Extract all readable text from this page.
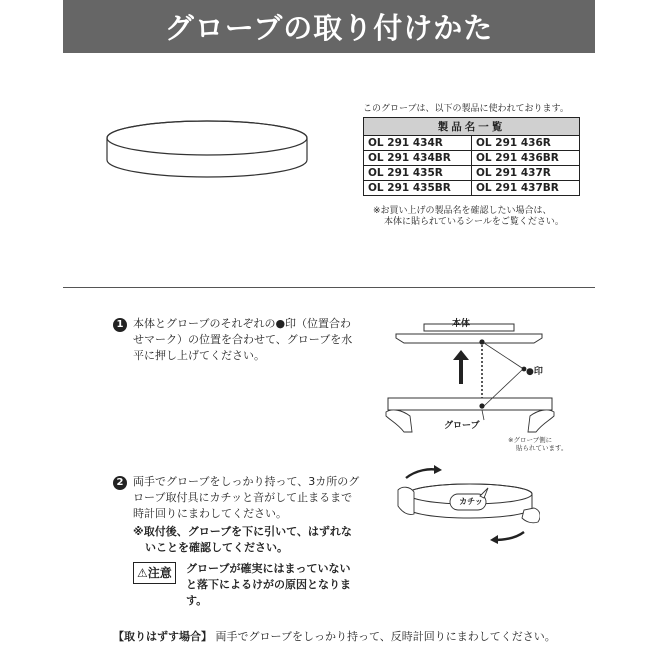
グローブの取り付けかた
このグローブは、以下の製品に使われております。
製品名一覧	
OL 291 434R	OL 291 436R
OL 291 434BR	OL 291 436BR
OL 291 435R	OL 291 437R
OL 291 435BR	OL 291 437BR
※お買い上げの製品名を確認したい場合は、
本体に貼られているシールをご覧ください。
1 本体とグローブのそれぞれの●印（位置合わ
せマーク）の位置を合わせて、グローブを水
平に押し上げてください。
本体
●印
グローブ
※グローブ側に
貼られています。
2 両手でグローブをしっかり持って、3カ所のグ
ローブ取付具にカチッと音がして止まるまで
時計回りにまわしてください。
※取付後、グローブを下に引いて、はずれな
いことを確認してください。
⚠注意	グローブが確実にはまっていない
と落下によるけがの原因となりま
す。
カチッ
【取りはずす場合】 両手でグローブをしっかり持って、反時計回りにまわしてください。
